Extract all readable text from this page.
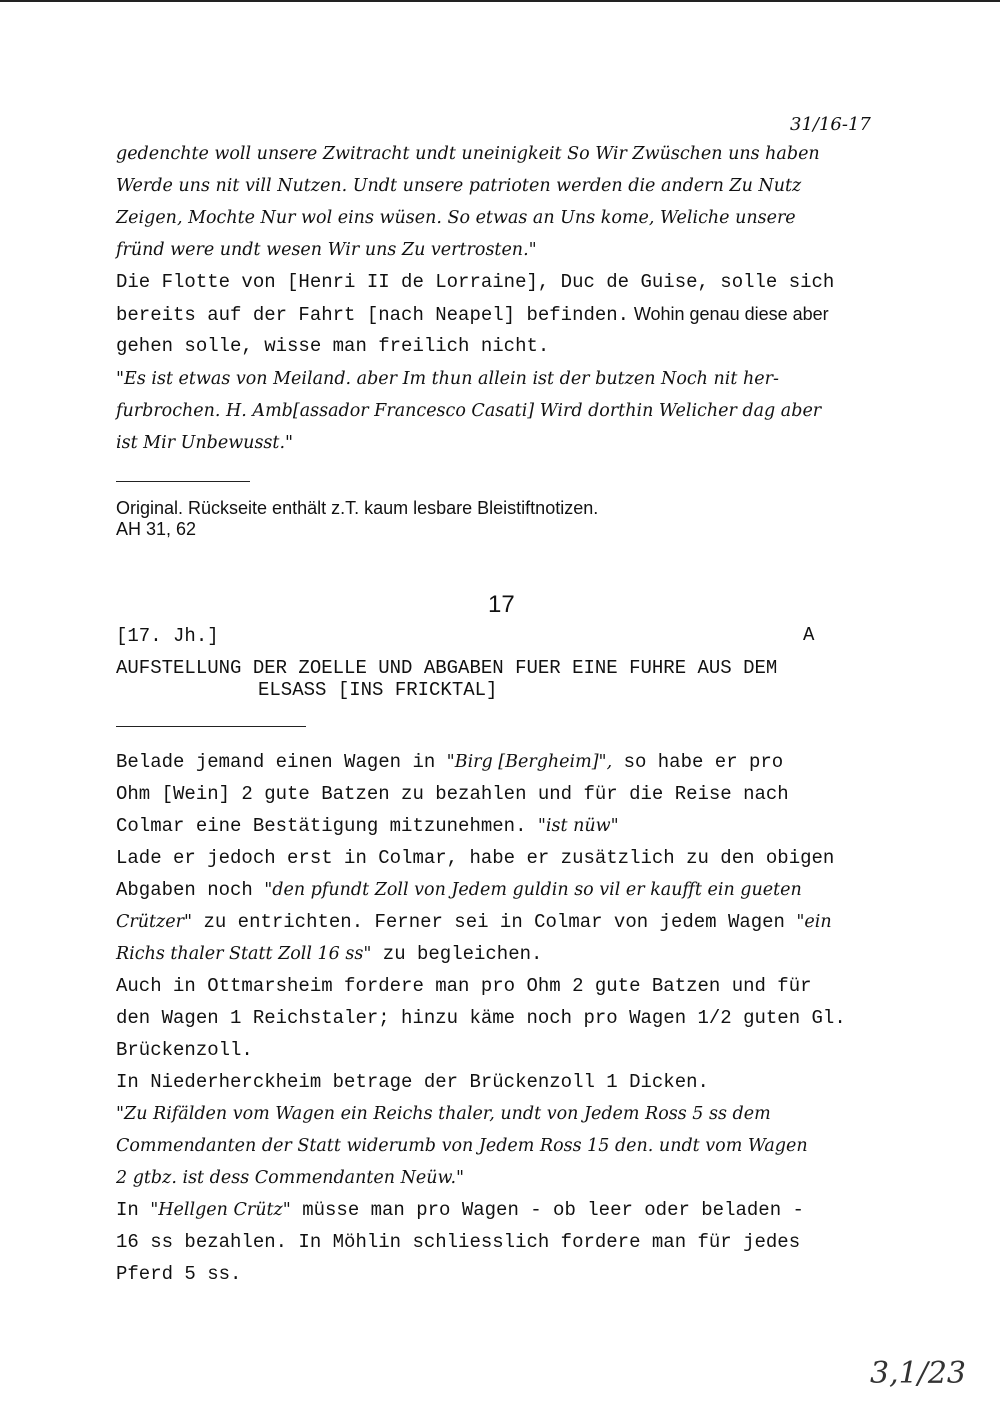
31/16-17
gedenchte woll unsere Zwitracht undt uneinigkeit So Wir Zwüschen uns haben
Werde uns nit vill Nutzen. Undt unsere patrioten werden die andern Zu Nutz
Zeigen, Mochte Nur wol eins wüsen. So etwas an Uns kome, Weliche unsere
fründ were undt wesen Wir uns Zu vertrosten."
Die Flotte von [Henri II de Lorraine], Duc de Guise, solle sich
bereits auf der Fahrt [nach Neapel] befinden. Wohin genau diese aber
gehen solle, wisse man freilich nicht.
"Es ist etwas von Meiland. aber Im thun allein ist der butzen Noch nit her-
furbrochen. H. Amb[assador Francesco Casati] Wird dorthin Welicher dag aber
ist Mir Unbewusst."
Original. Rückseite enthält z.T. kaum lesbare Bleistiftnotizen.
AH 31, 62
17
[17. Jh.]	A
AUFSTELLUNG DER ZOELLE UND ABGABEN FUER EINE FUHRE AUS DEM
ELSASS [INS FRICKTAL]
Belade jemand einen Wagen in "Birg [Bergheim]", so habe er pro
Ohm [Wein] 2 gute Batzen zu bezahlen und für die Reise nach
Colmar eine Bestätigung mitzunehmen. "ist nüw"
Lade er jedoch erst in Colmar, habe er zusätzlich zu den obigen
Abgaben noch "den pfundt Zoll von Jedem guldin so vil er kaufft ein gueten
Crützer" zu entrichten. Ferner sei in Colmar von jedem Wagen "ein
Richs thaler Statt Zoll 16 ss" zu begleichen.
Auch in Ottmarsheim fordere man pro Ohm 2 gute Batzen und für
den Wagen 1 Reichstaler; hinzu käme noch pro Wagen 1/2 guten Gl.
Brückenzoll.
In Niederherckheim betrage der Brückenzoll 1 Dicken.
"Zu Rifälden vom Wagen ein Reichs thaler, undt von Jedem Ross 5 ss dem
Commendanten der Statt widerumb von Jedem Ross 15 den. undt vom Wagen
2 gtbz. ist dess Commendanten Neüw."
In "Hellgen Crütz" müsse man pro Wagen - ob leer oder beladen -
16 ss bezahlen. In Möhlin schliesslich fordere man für jedes
Pferd 5 ss.
3,1/23
